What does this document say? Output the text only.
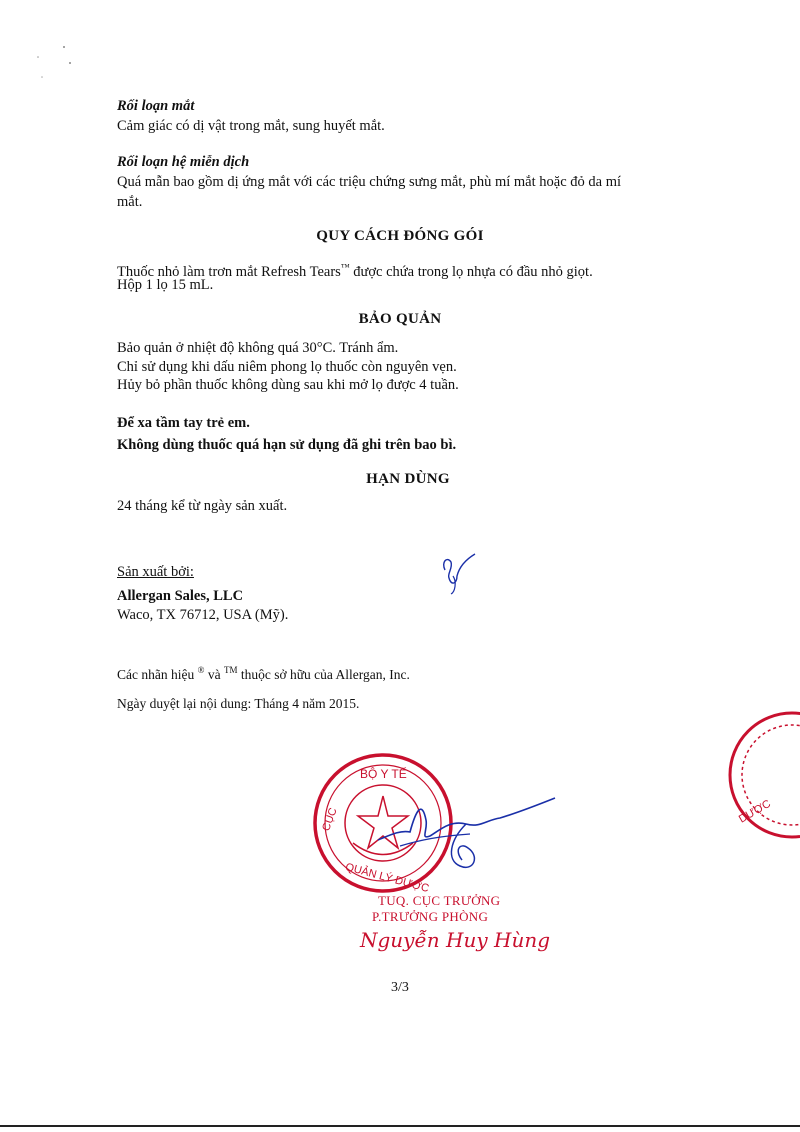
Rối loạn mắt
Cảm giác có dị vật trong mắt, sung huyết mắt.
Rối loạn hệ miễn dịch
Quá mẫn bao gồm dị ứng mắt với các triệu chứng sưng mắt, phù mí mắt hoặc đỏ da mí
mắt.
QUY CÁCH ĐÓNG GÓI
Thuốc nhỏ làm trơn mắt Refresh Tears™ được chứa trong lọ nhựa có đầu nhỏ giọt.
Hộp 1 lọ 15 mL.
BẢO QUẢN
Bảo quản ở nhiệt độ không quá 30°C. Tránh ẩm.
Chỉ sử dụng khi dấu niêm phong lọ thuốc còn nguyên vẹn.
Hủy bỏ phần thuốc không dùng sau khi mở lọ được 4 tuần.
Để xa tầm tay trẻ em.
Không dùng thuốc quá hạn sử dụng đã ghi trên bao bì.
HẠN DÙNG
24 tháng kể từ ngày sản xuất.
Sản xuất bởi:
Allergan Sales, LLC
Waco, TX 76712, USA (Mỹ).
Các nhãn hiệu ® và ™ thuộc sở hữu của Allergan, Inc.
Ngày duyệt lại nội dung: Tháng 4 năm 2015.
DƯỢC
BỘ Y TẾ
CỤC
QUẢN LÝ DƯỢC
TUQ. CỤC TRƯỞNG
P.TRƯỞNG PHÒNG
Nguyễn Huy Hùng
3/3
